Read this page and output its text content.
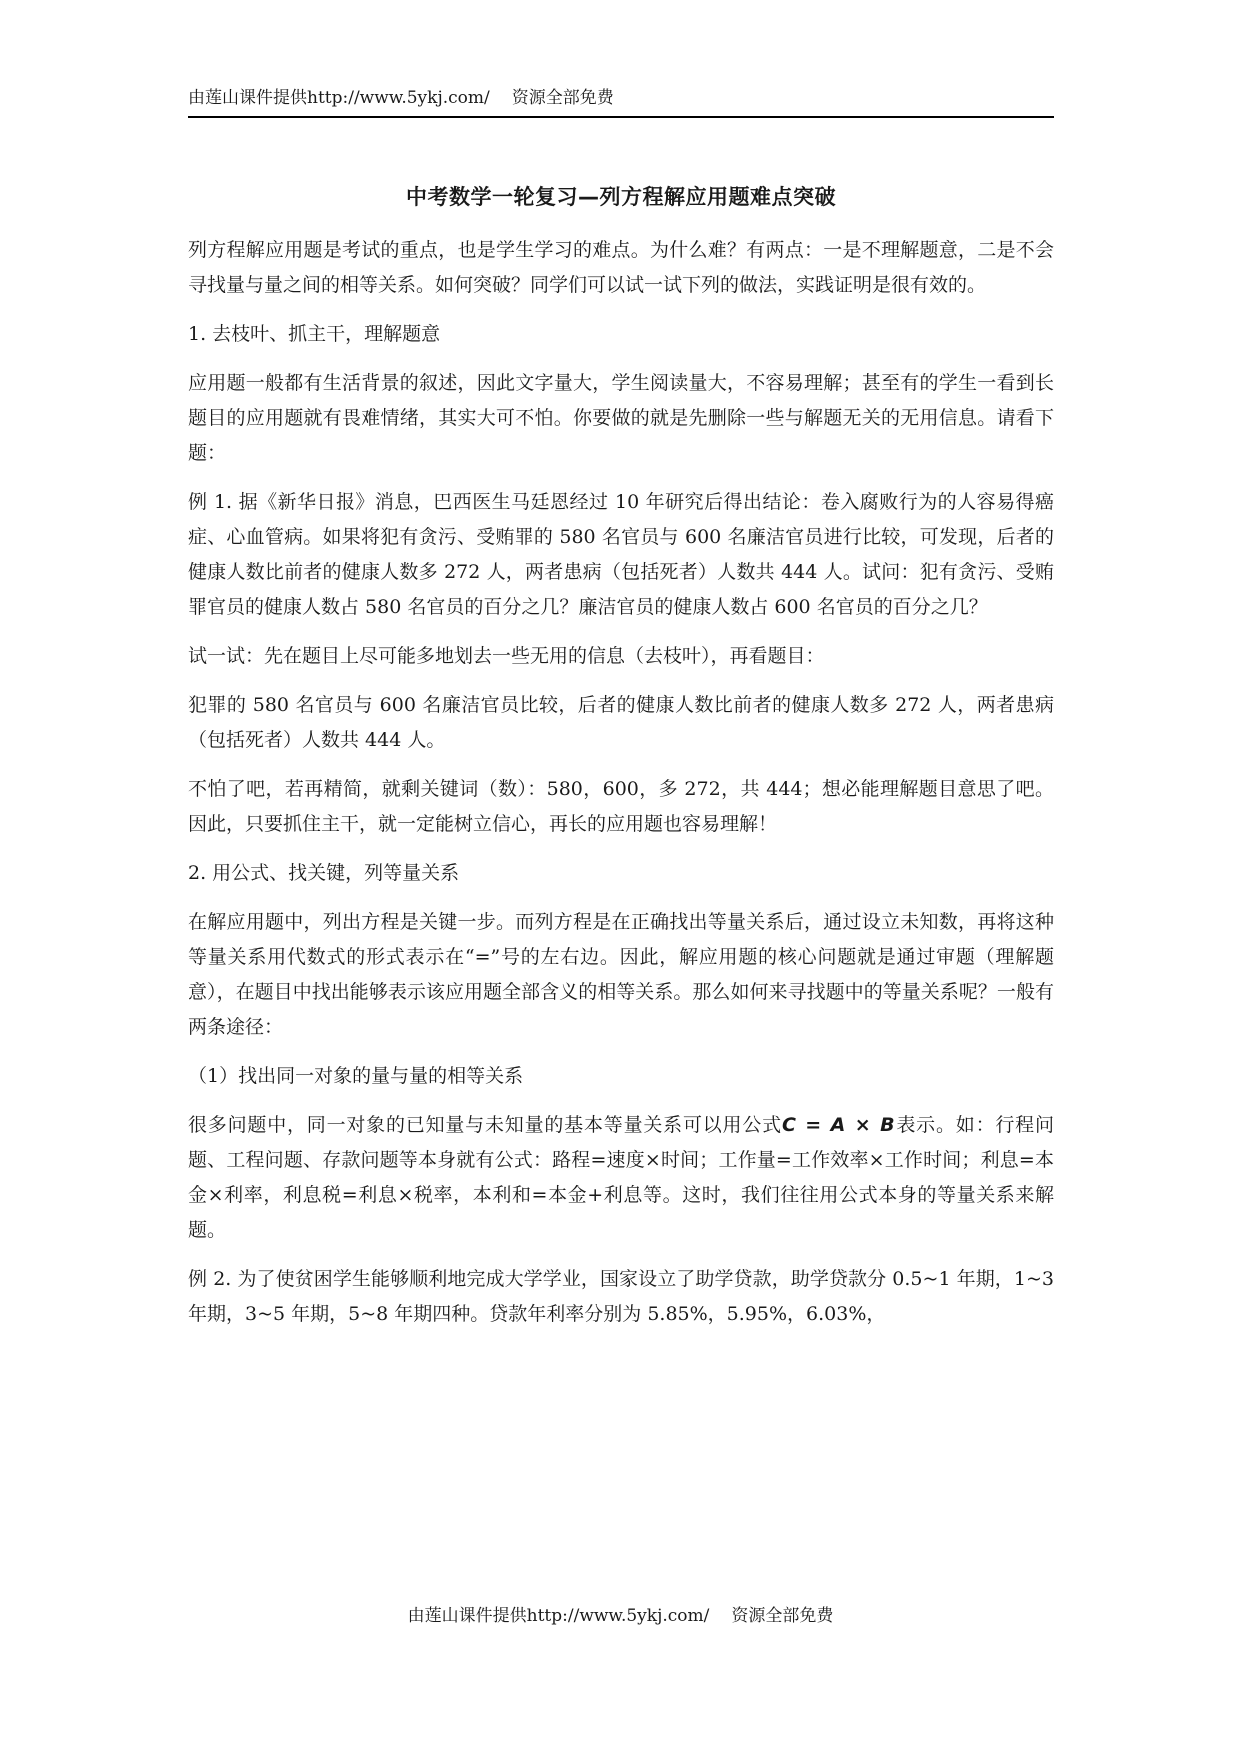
由莲山课件提供http://www.5ykj.com/ 资源全部免费
中考数学一轮复习—列方程解应用题难点突破

列方程解应用题是考试的重点，也是学生学习的难点。为什么难？有两点：一是不理解题意，二是不会寻找量与量之间的相等关系。如何突破？同学们可以试一试下列的做法，实践证明是很有效的。

1. 去枝叶、抓主干，理解题意

应用题一般都有生活背景的叙述，因此文字量大，学生阅读量大，不容易理解；甚至有的学生一看到长题目的应用题就有畏难情绪，其实大可不怕。你要做的就是先删除一些与解题无关的无用信息。请看下题：

例 1. 据《新华日报》消息，巴西医生马廷恩经过 10 年研究后得出结论：卷入腐败行为的人容易得癌症、心血管病。如果将犯有贪污、受贿罪的 580 名官员与 600 名廉洁官员进行比较，可发现，后者的健康人数比前者的健康人数多 272 人，两者患病（包括死者）人数共 444 人。试问：犯有贪污、受贿罪官员的健康人数占 580 名官员的百分之几？廉洁官员的健康人数占 600 名官员的百分之几？

试一试：先在题目上尽可能多地划去一些无用的信息（去枝叶），再看题目：

犯罪的 580 名官员与 600 名廉洁官员比较，后者的健康人数比前者的健康人数多 272 人，两者患病（包括死者）人数共 444 人。

不怕了吧，若再精简，就剩关键词（数）：580，600，多 272，共 444；想必能理解题目意思了吧。因此，只要抓住主干，就一定能树立信心，再长的应用题也容易理解！

2. 用公式、找关键，列等量关系

在解应用题中，列出方程是关键一步。而列方程是在正确找出等量关系后，通过设立未知数，再将这种等量关系用代数式的形式表示在“=”号的左右边。因此，解应用题的核心问题就是通过审题（理解题意），在题目中找出能够表示该应用题全部含义的相等关系。那么如何来寻找题中的等量关系呢？一般有两条途径：

（1）找出同一对象的量与量的相等关系

很多问题中，同一对象的已知量与未知量的基本等量关系可以用公式C = A × B表示。如：行程问题、工程问题、存款问题等本身就有公式：路程=速度×时间；工作量=工作效率×工作时间；利息=本金×利率，利息税=利息×税率，本利和=本金+利息等。这时，我们往往用公式本身的等量关系来解题。

例 2. 为了使贫困学生能够顺利地完成大学学业，国家设立了助学贷款，助学贷款分 0.5~1 年期，1~3 年期，3~5 年期，5~8 年期四种。贷款年利率分别为 5.85%，5.95%，6.03%，

由莲山课件提供http://www.5ykj.com/ 资源全部免费
